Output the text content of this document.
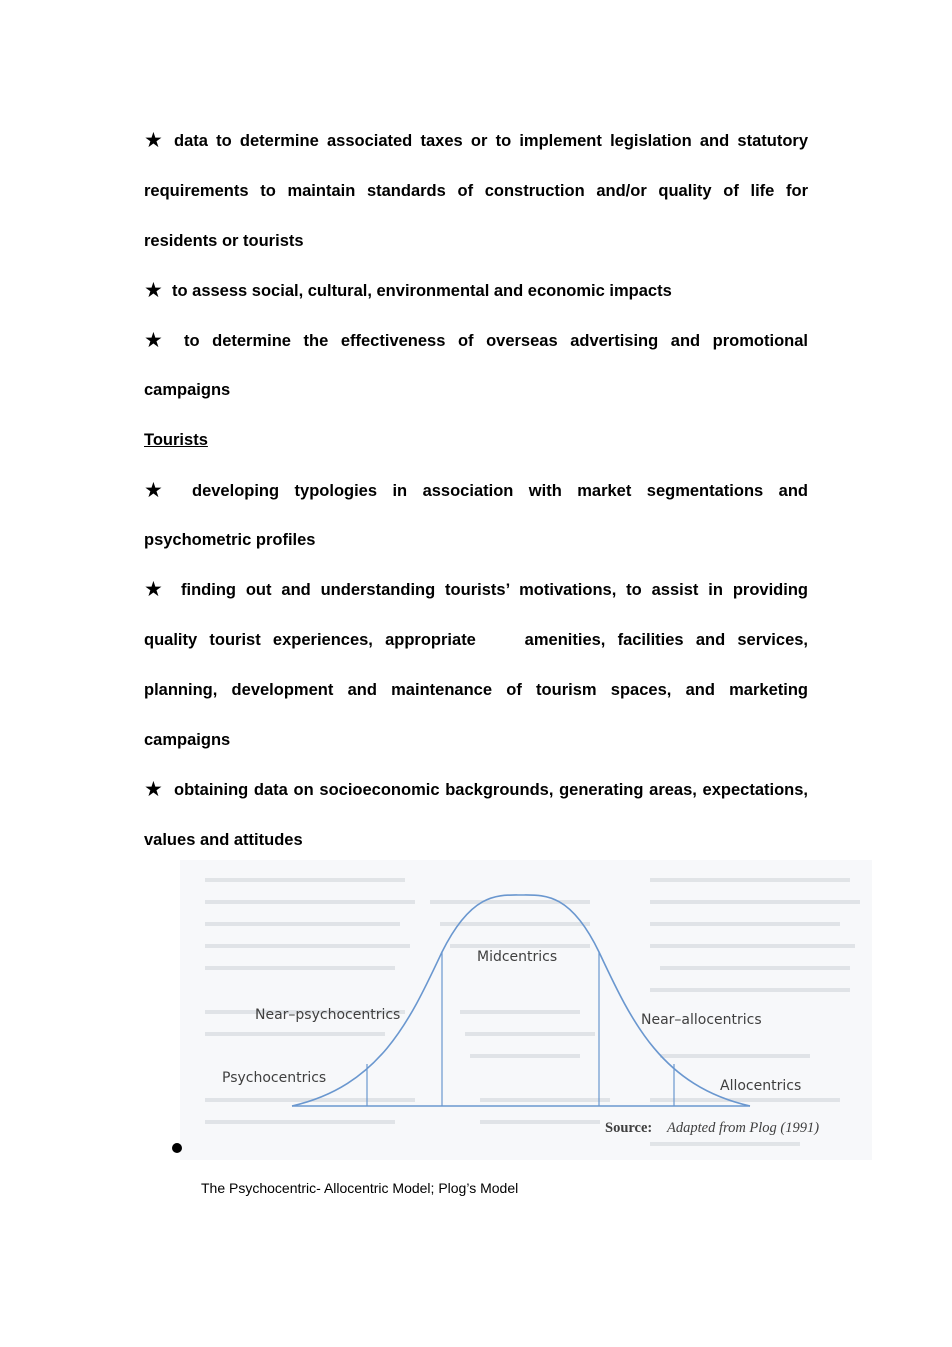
★ data to determine associated taxes or to implement legislation and statutory
requirements to maintain standards of construction and/or quality of life for
residents or tourists
★ to assess social, cultural, environmental and economic impacts
★ to determine the effectiveness of overseas advertising and promotional
campaigns
Tourists
★ developing typologies in association with market segmentations and
psychometric profiles
★ finding out and understanding tourists’ motivations, to assist in providing
quality tourist experiences, appropriate    amenities, facilities and services,
planning, development and maintenance of tourism spaces, and marketing
campaigns
★ obtaining data on socioeconomic backgrounds, generating areas, expectations,
values and attitudes
Midcentrics
Near–psychocentrics	Near–allocentrics
Psychocentrics	Allocentrics
Source: Adapted from Plog (1991)
The Psychocentric- Allocentric Model; Plog’s Model
